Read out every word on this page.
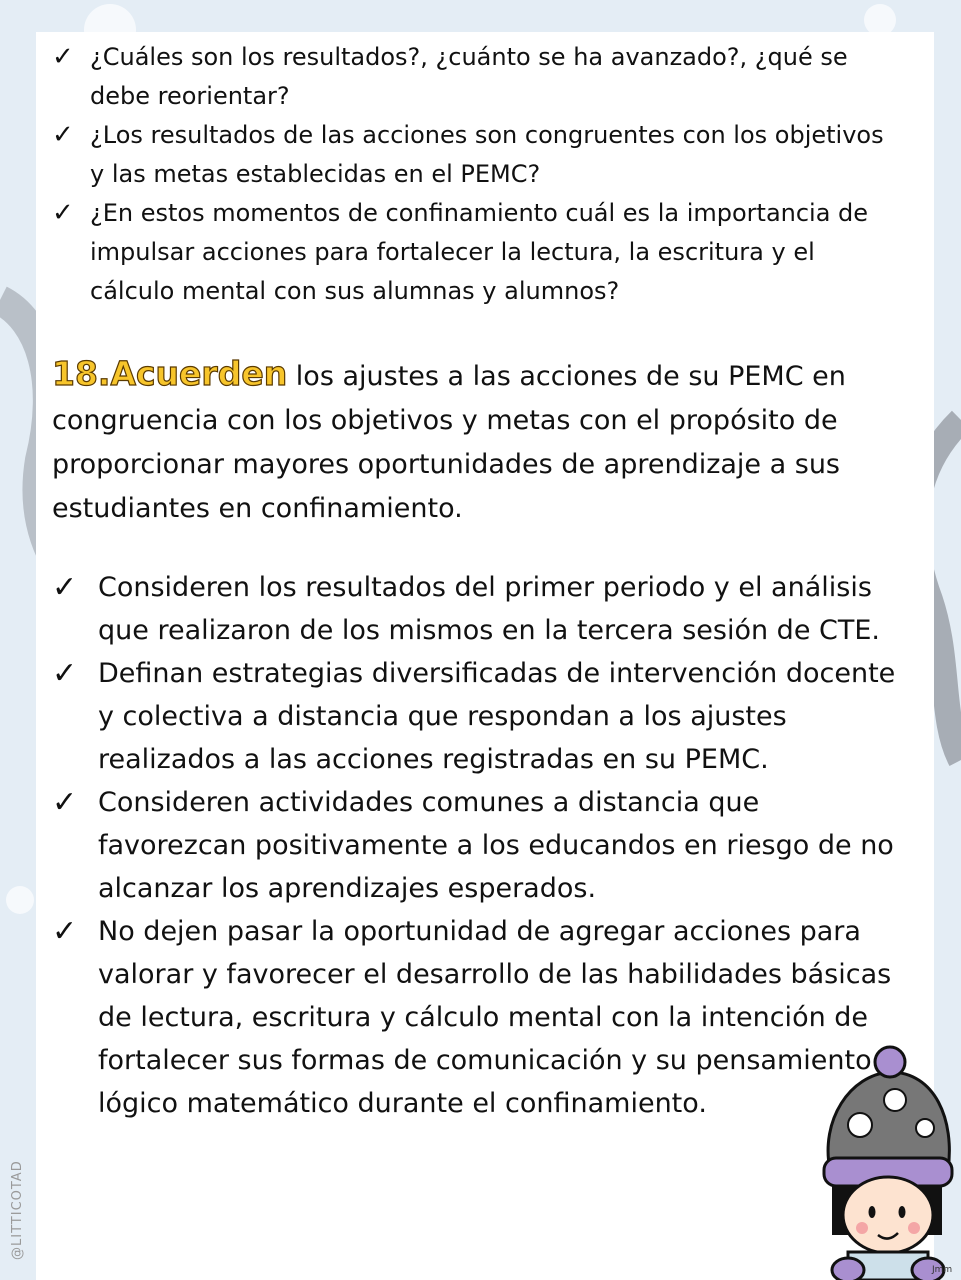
✓ ¿Cuáles son los resultados?, ¿cuánto se ha avanzado?, ¿qué se debe reorientar?
✓ ¿Los resultados de las acciones son congruentes con los objetivos y las metas establecidas en el PEMC?
✓ ¿En estos momentos de confinamiento cuál es la importancia de impulsar acciones para fortalecer la lectura, la escritura y el cálculo mental con sus alumnas y alumnos?

18.Acuerden los ajustes a las acciones de su PEMC en congruencia con los objetivos y metas con el propósito de proporcionar mayores oportunidades de aprendizaje a sus estudiantes en confinamiento.

✓ Consideren los resultados del primer periodo y el análisis que realizaron de los mismos en la tercera sesión de CTE.
✓ Definan estrategias diversificadas de intervención docente y colectiva a distancia que respondan a los ajustes realizados a las acciones registradas en su PEMC.
✓ Consideren actividades comunes a distancia que favorezcan positivamente a los educandos en riesgo de no alcanzar los aprendizajes esperados.
✓ No dejen pasar la oportunidad de agregar acciones para valorar y favorecer el desarrollo de las habilidades básicas de lectura, escritura y cálculo mental con la intención de fortalecer sus formas de comunicación y su pensamiento lógico matemático durante el confinamiento.
@LITTICOTAD
Jmm
